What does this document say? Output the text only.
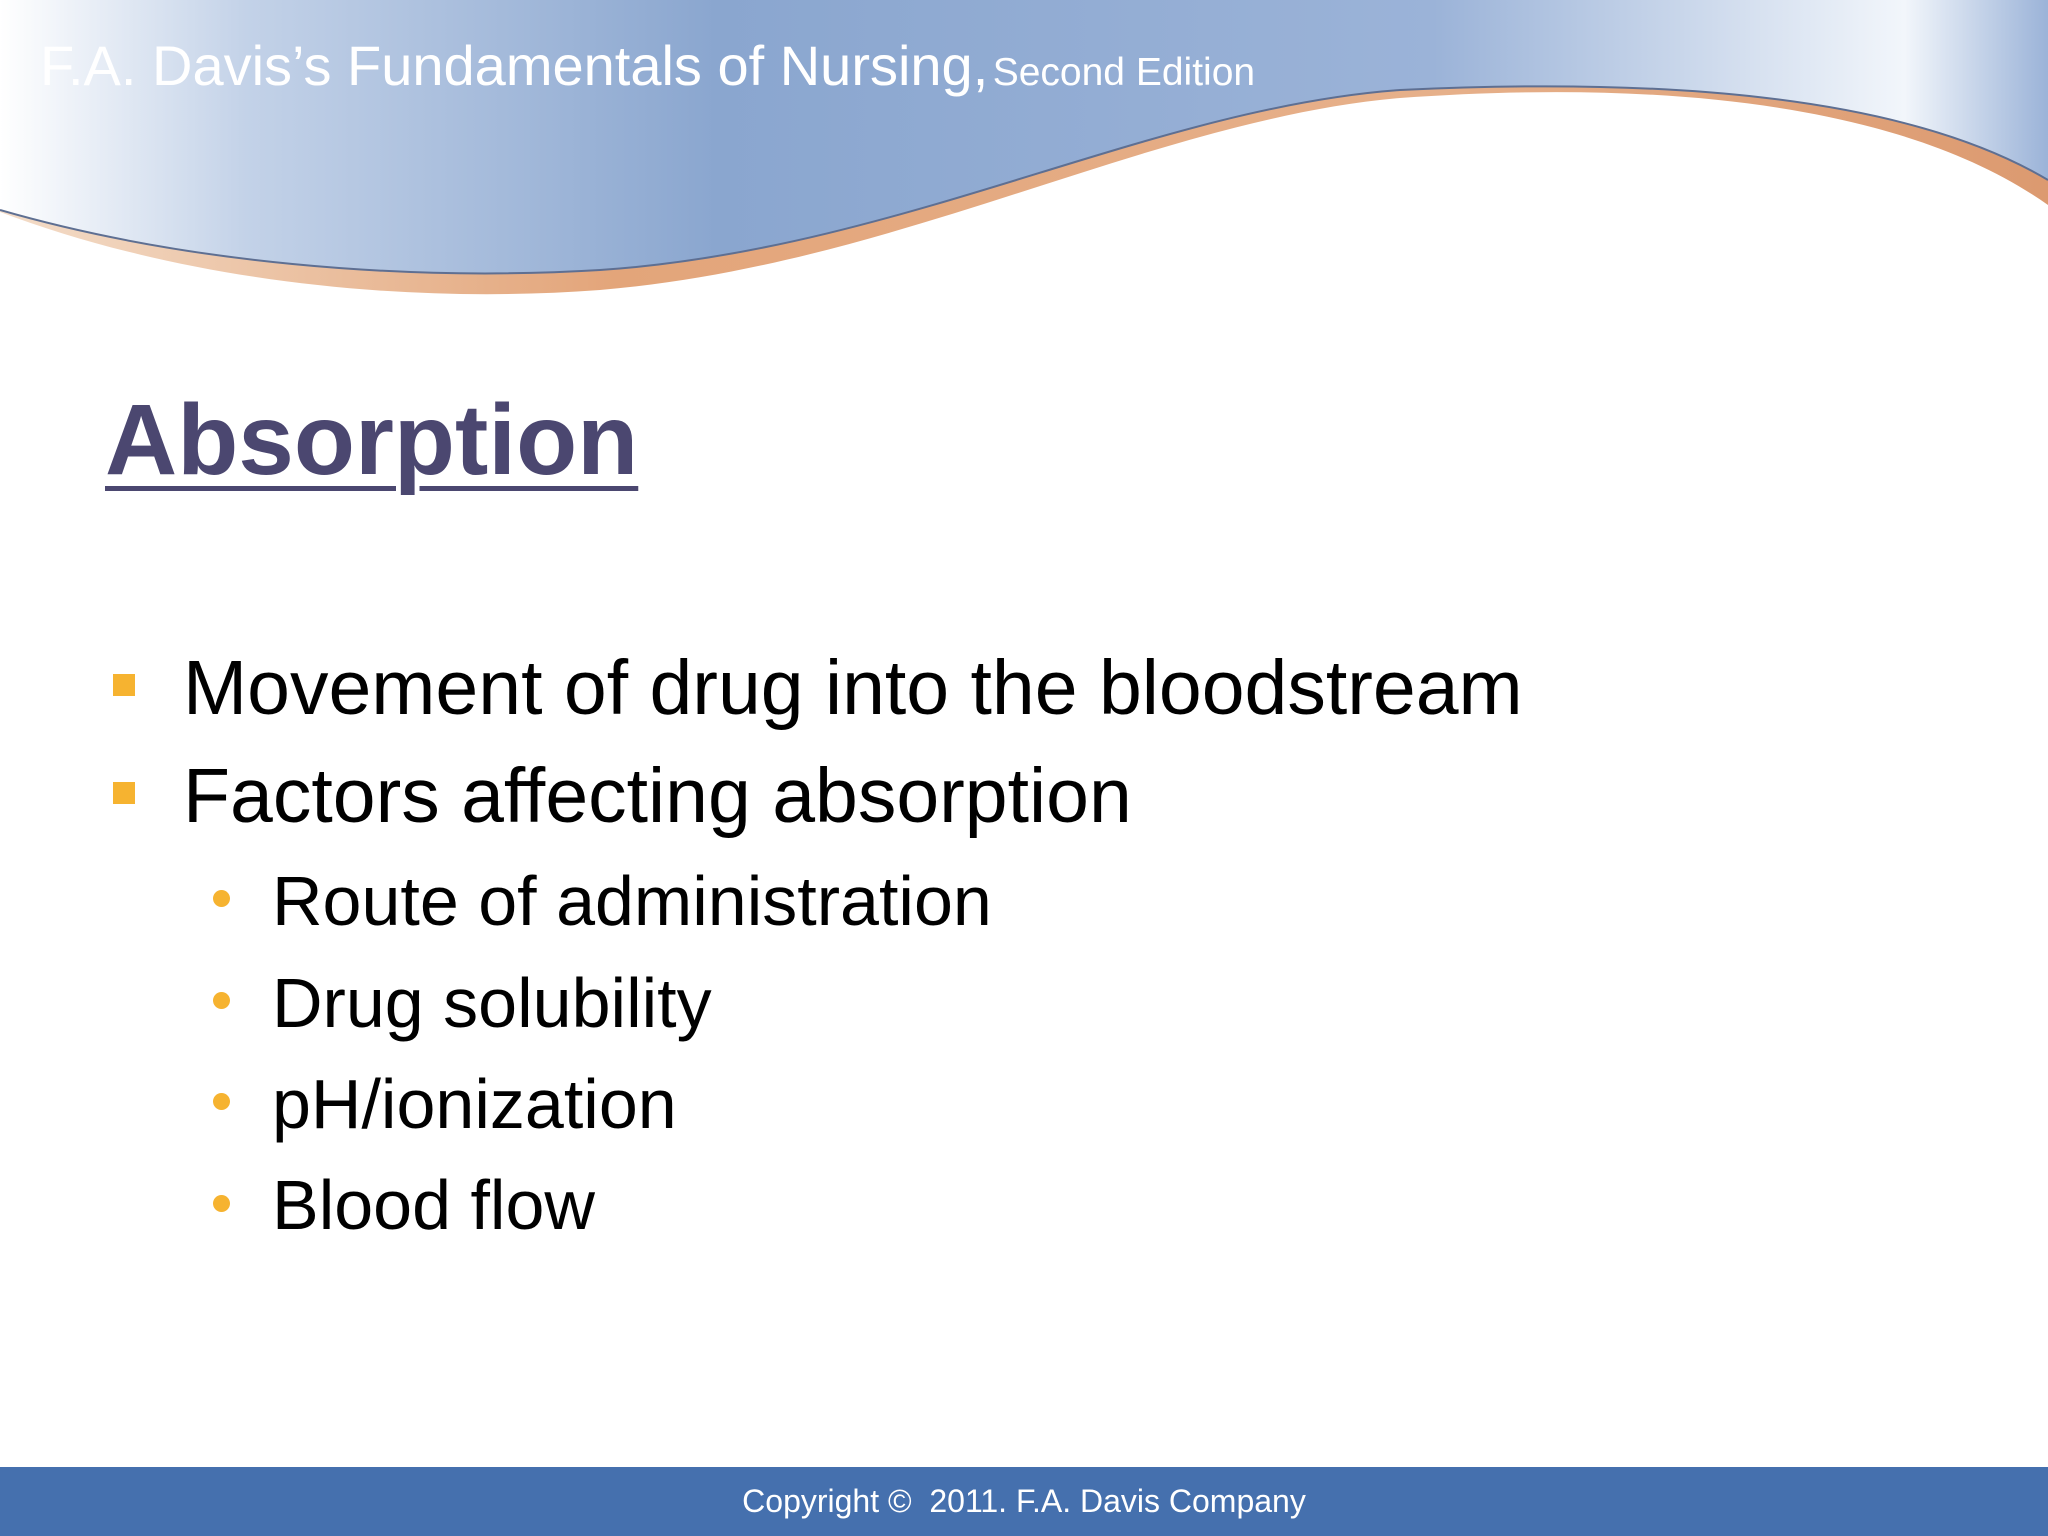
F.A. Davis’s Fundamentals of Nursing, Second Edition
Absorption
Movement of drug into the bloodstream
Factors affecting absorption
Route of administration
Drug solubility
pH/ionization
Blood flow
Copyright ©  2011. F.A. Davis Company
